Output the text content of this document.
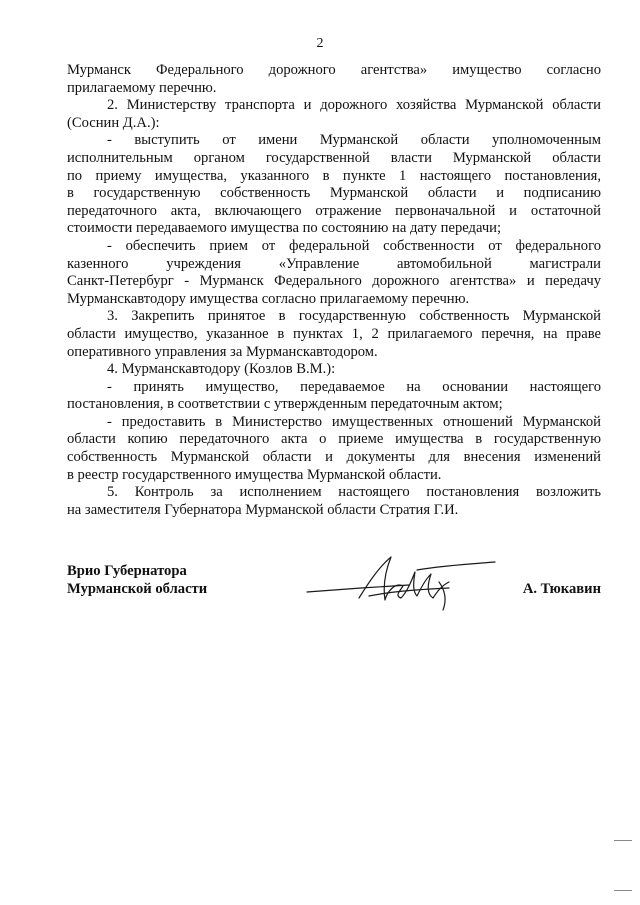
2
Мурманск Федерального дорожного агентства» имущество согласно
прилагаемому перечню.
2. Министерству транспорта и дорожного хозяйства Мурманской области
(Соснин Д.А.):
- выступить от имени Мурманской области уполномоченным
исполнительным органом государственной власти Мурманской области
по приему имущества, указанного в пункте 1 настоящего постановления,
в государственную собственность Мурманской области и подписанию
передаточного акта, включающего отражение первоначальной и остаточной
стоимости передаваемого имущества по состоянию на дату передачи;
- обеспечить прием от федеральной собственности от федерального
казенного учреждения «Управление автомобильной магистрали
Санкт-Петербург - Мурманск Федерального дорожного агентства» и передачу
Мурманскавтодору имущества согласно прилагаемому перечню.
3. Закрепить принятое в государственную собственность Мурманской
области имущество, указанное в пунктах 1, 2 прилагаемого перечня, на праве
оперативного управления за Мурманскавтодором.
4. Мурманскавтодору (Козлов В.М.):
- принять имущество, передаваемое на основании настоящего
постановления, в соответствии с утвержденным передаточным актом;
- предоставить в Министерство имущественных отношений Мурманской
области копию передаточного акта о приеме имущества в государственную
собственность Мурманской области и документы для внесения изменений
в реестр государственного имущества Мурманской области.
5. Контроль за исполнением настоящего постановления возложить
на заместителя Губернатора Мурманской области Стратия Г.И.
Врио Губернатора
Мурманской области	А. Тюкавин
